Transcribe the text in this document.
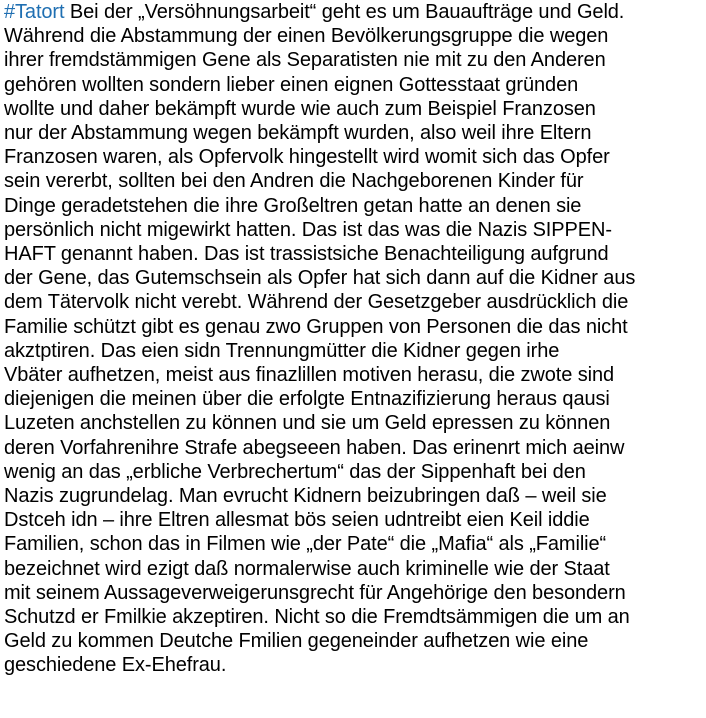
#Tatort Bei der „Versöhnungsarbeit“ geht es um Bauaufträge und Geld.
Während die Abstammung der einen Bevölkerungsgruppe die wegen
ihrer fremdstämmigen Gene als Separatisten nie mit zu den Anderen
gehören wollten sondern lieber einen eignen Gottesstaat gründen
wollte und daher bekämpft wurde wie auch zum Beispiel Franzosen
nur der Abstammung wegen bekämpft wurden, also weil ihre Eltern
Franzosen waren, als Opfervolk hingestellt wird womit sich das Opfer
sein vererbt, sollten bei den Andren die Nachgeborenen Kinder für
Dinge geradetstehen die ihre Großeltren getan hatte an denen sie
persönlich nicht migewirkt hatten. Das ist das was die Nazis SIPPEN-
HAFT genannt haben. Das ist trassistsiche Benachteiligung aufgrund
der Gene, das Gutemschsein als Opfer hat sich dann auf die Kidner aus
dem Tätervolk nicht verebt. Während der Gesetzgeber ausdrücklich die
Familie schützt gibt es genau zwo Gruppen von Personen die das nicht
akztptiren. Das eien sidn Trennungmütter die Kidner gegen irhe
Vbäter aufhetzen, meist aus finazlillen motiven herasu, die zwote sind
diejenigen die meinen über die erfolgte Entnazifizierung heraus qausi
Luzeten anchstellen zu können und sie um Geld epressen zu können
deren Vorfahrenihre Strafe abegseeen haben. Das erinenrt mich aeinw
wenig an das „erbliche Verbrechertum“ das der Sippenhaft bei den
Nazis zugrundelag. Man evrucht Kidnern beizubringen daß – weil sie
Dstceh idn – ihre Eltren allesmat bös seien udntreibt eien Keil iddie
Familien, schon das in Filmen wie „der Pate“ die „Mafia“ als „Familie“
bezeichnet wird ezigt daß normalerwise auch kriminelle wie der Staat
mit seinem Aussageverweigerunsgrecht für Angehörige den besondern
Schutzd er Fmilkie akzeptiren. Nicht so die Fremdtsämmigen die um an
Geld zu kommen Deutche Fmilien gegeneinder aufhetzen wie eine
geschiedene Ex-Ehefrau.
